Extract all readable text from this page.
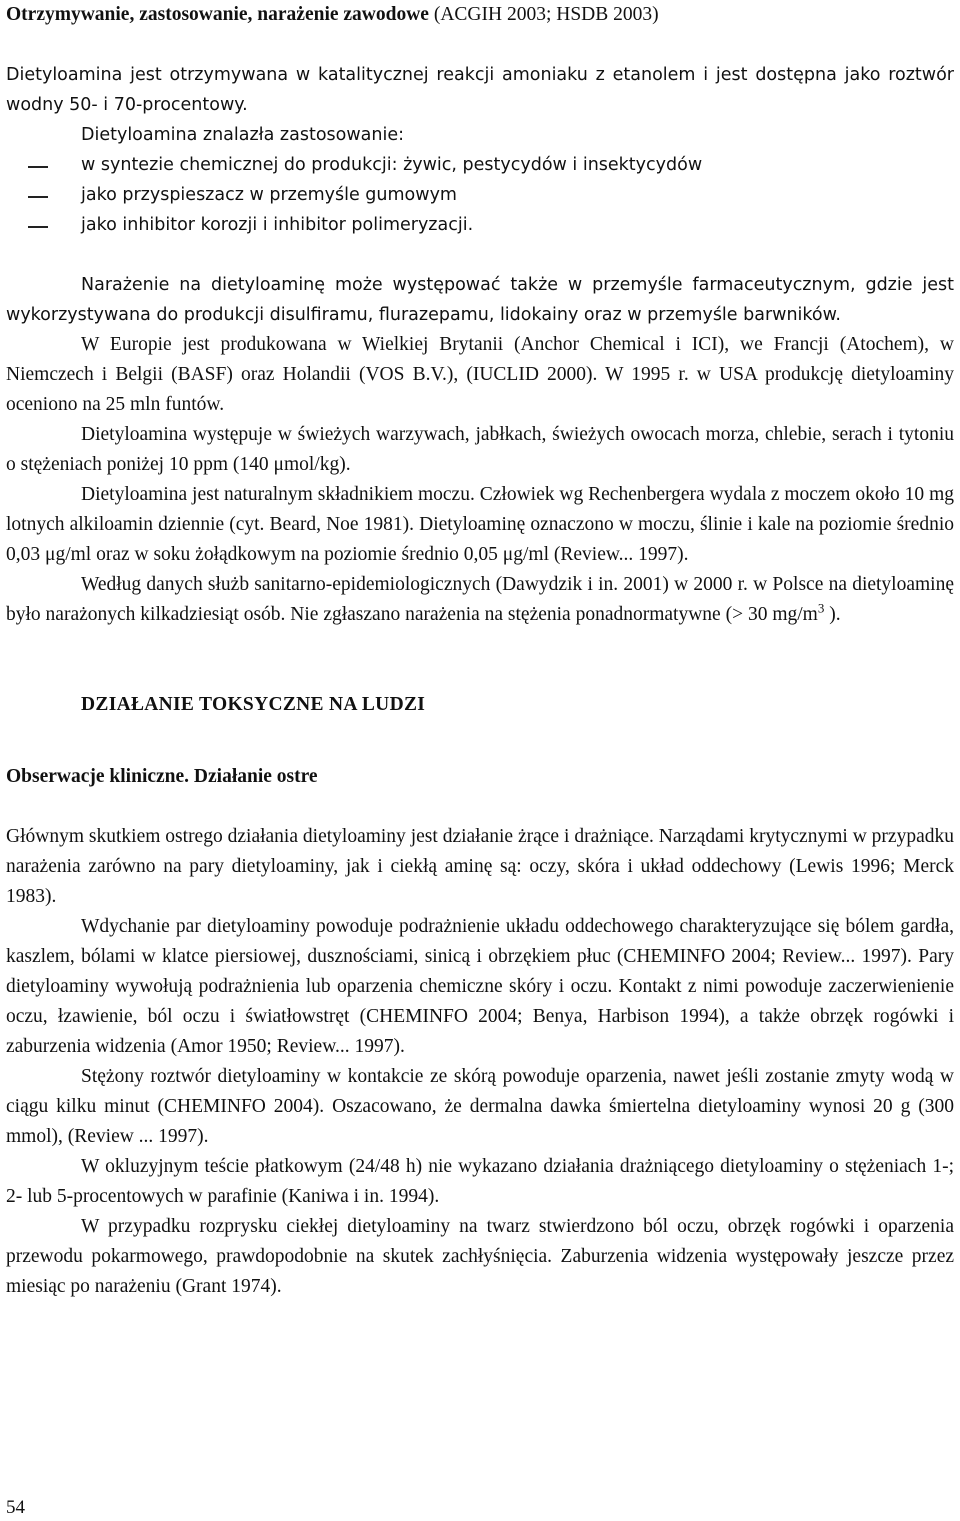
Otrzymywanie, zastosowanie, narażenie zawodowe (ACGIH 2003; HSDB 2003)

Dietyloamina jest otrzymywana w katalitycznej reakcji amoniaku z etanolem i jest dostępna jako roztwór wodny 50- i 70-procentowy.

Dietyloamina znalazła zastosowanie:

w syntezie chemicznej do produkcji: żywic, pestycydów i insektycydów
jako przyspieszacz w przemyśle gumowym
jako inhibitor korozji i inhibitor polimeryzacji.

Narażenie na dietyloaminę może występować także w przemyśle farmaceutycznym, gdzie jest wykorzystywana do produkcji disulfiramu, flurazepamu, lidokainy oraz w przemyśle barwników.

W Europie jest produkowana w Wielkiej Brytanii (Anchor Chemical i ICI), we Francji (Atochem), w Niemczech i Belgii (BASF) oraz Holandii (VOS B.V.), (IUCLID 2000). W 1995 r. w USA produkcję dietyloaminy oceniono na 25 mln funtów.

Dietyloamina występuje w świeżych warzywach, jabłkach, świeżych owocach morza, chlebie, serach i tytoniu o stężeniach poniżej 10 ppm (140 μmol/kg).

Dietyloamina jest naturalnym składnikiem moczu. Człowiek wg Rechenbergera wydala z moczem około 10 mg lotnych alkiloamin dziennie (cyt. Beard, Noe 1981). Dietyloaminę oznaczono w moczu, ślinie i kale na poziomie średnio 0,03 μg/ml oraz w soku żołądkowym na poziomie średnio 0,05 μg/ml (Review... 1997).

Według danych służb sanitarno-epidemiologicznych (Dawydzik i in. 2001) w 2000 r. w Polsce na dietyloaminę było narażonych kilkadziesiąt osób. Nie zgłaszano narażenia na stężenia ponadnormatywne (> 30 $mg/m^3$ ).

DZIAŁANIE TOKSYCZNE NA LUDZI

Obserwacje kliniczne. Działanie ostre

Głównym skutkiem ostrego działania dietyloaminy jest działanie żrące i drażniące. Narządami krytycznymi w przypadku narażenia zarówno na pary dietyloaminy, jak i ciekłą aminę są: oczy, skóra i układ oddechowy (Lewis 1996; Merck 1983).

Wdychanie par dietyloaminy powoduje podrażnienie układu oddechowego charakteryzujące się bólem gardła, kaszlem, bólami w klatce piersiowej, dusznościami, sinicą i obrzękiem płuc (CHEMINFO 2004; Review... 1997). Pary dietyloaminy wywołują podrażnienia lub oparzenia chemiczne skóry i oczu. Kontakt z nimi powoduje zaczerwienienie oczu, łzawienie, ból oczu i światłowstręt (CHEMINFO 2004; Benya, Harbison 1994), a także obrzęk rogówki i zaburzenia widzenia (Amor 1950; Review... 1997).

Stężony roztwór dietyloaminy w kontakcie ze skórą powoduje oparzenia, nawet jeśli zostanie zmyty wodą w ciągu kilku minut (CHEMINFO 2004). Oszacowano, że dermalna dawka śmiertelna dietyloaminy wynosi 20 g (300 mmol), (Review ... 1997).

W okluzyjnym teście płatkowym (24/48 h) nie wykazano działania drażniącego dietyloaminy o stężeniach 1-; 2- lub 5-procentowych w parafinie (Kaniwa i in. 1994).

W przypadku rozprysku ciekłej dietyloaminy na twarz stwierdzono ból oczu, obrzęk rogówki i oparzenia przewodu pokarmowego, prawdopodobnie na skutek zachłyśnięcia. Zaburzenia widzenia występowały jeszcze przez miesiąc po narażeniu (Grant 1974).

54
